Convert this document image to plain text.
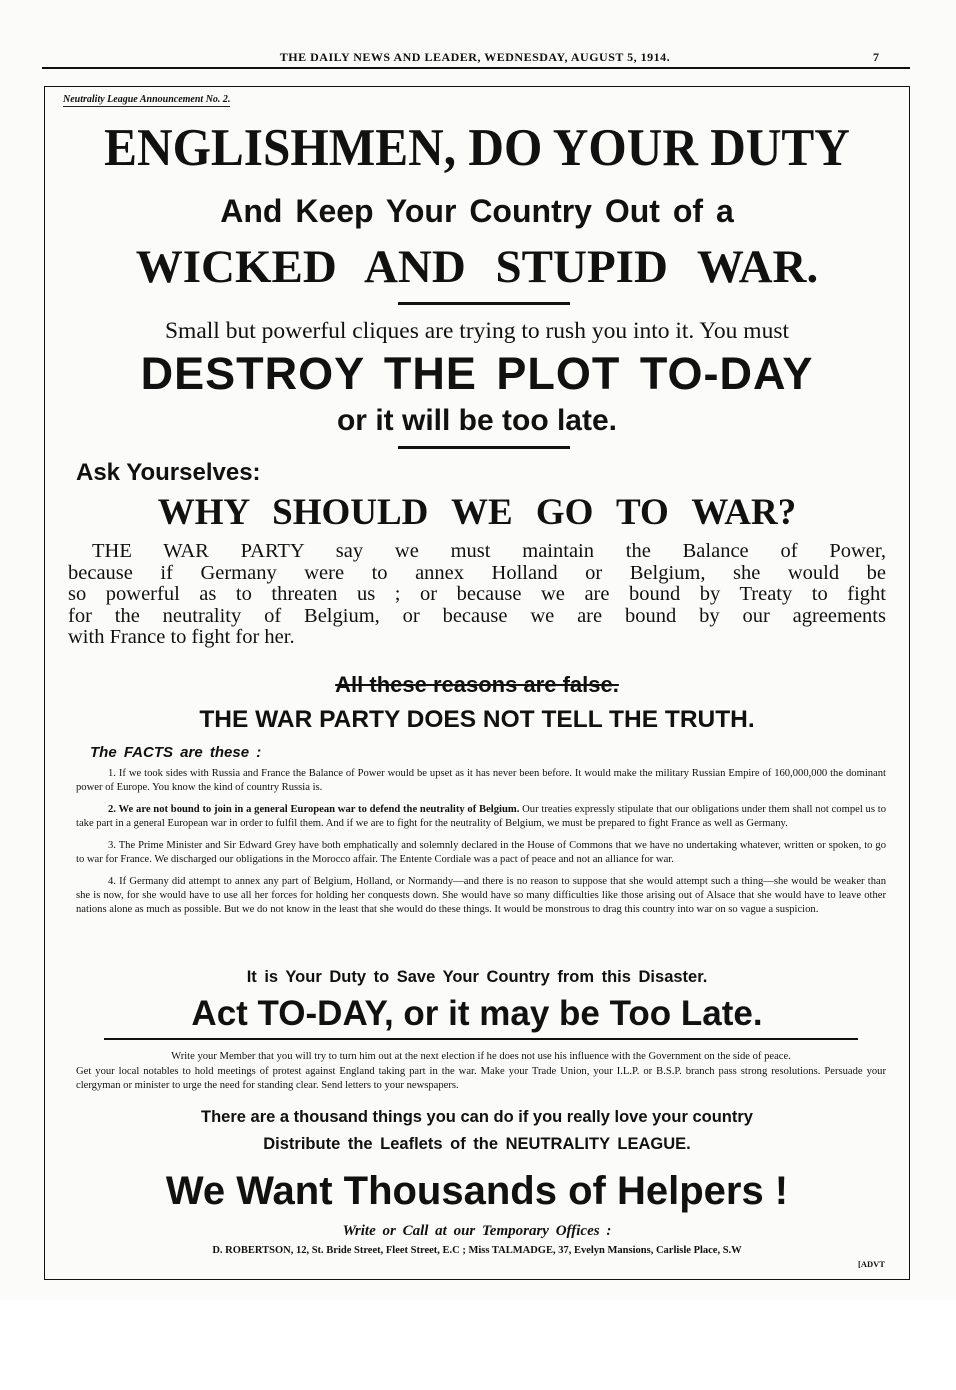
THE DAILY NEWS AND LEADER, WEDNESDAY, AUGUST 5, 1914.	7
Neutrality League Announcement No. 2.
ENGLISHMEN, DO YOUR DUTY
And Keep Your Country Out of a
WICKED AND STUPID WAR.
Small but powerful cliques are trying to rush you into it. You must
DESTROY THE PLOT TO-DAY
or it will be too late.
Ask Yourselves:
WHY SHOULD WE GO TO WAR?
THE WAR PARTY say we must maintain the Balance of Power,
because if Germany were to annex Holland or Belgium, she would be
so powerful as to threaten us ; or because we are bound by Treaty to fight
for the neutrality of Belgium, or because we are bound by our agreements
with France to fight for her.
All these reasons are false.
THE WAR PARTY DOES NOT TELL THE TRUTH.
The FACTS are these :

1. If we took sides with Russia and France the Balance of Power would be upset as it has never been before. It would make the military Russian Empire of 160,000,000 the dominant power of Europe. You know the kind of country Russia is.

2. We are not bound to join in a general European war to defend the neutrality of Belgium. Our treaties expressly stipulate that our obligations under them shall not compel us to take part in a general European war in order to fulfil them. And if we are to fight for the neutrality of Belgium, we must be prepared to fight France as well as Germany.

3. The Prime Minister and Sir Edward Grey have both emphatically and solemnly declared in the House of Commons that we have no undertaking whatever, written or spoken, to go to war for France. We discharged our obligations in the Morocco affair. The Entente Cordiale was a pact of peace and not an alliance for war.

4. If Germany did attempt to annex any part of Belgium, Holland, or Normandy—and there is no reason to suppose that she would attempt such a thing—she would be weaker than she is now, for she would have to use all her forces for holding her conquests down. She would have so many difficulties like those arising out of Alsace that she would have to leave other nations alone as much as possible. But we do not know in the least that she would do these things. It would be monstrous to drag this country into war on so vague a suspicion.

It is Your Duty to Save Your Country from this Disaster.
Act TO-DAY, or it may be Too Late.

Write your Member that you will try to turn him out at the next election if he does not use his influence with the Government on the side of peace.

Get your local notables to hold meetings of protest against England taking part in the war. Make your Trade Union, your I.L.P. or B.S.P. branch pass strong resolutions. Persuade your clergyman or minister to urge the need for standing clear. Send letters to your newspapers.

There are a thousand things you can do if you really love your country
Distribute the Leaflets of the NEUTRALITY LEAGUE.
We Want Thousands of Helpers !
Write or Call at our Temporary Offices :
D. ROBERTSON, 12, St. Bride Street, Fleet Street, E.C ; Miss TALMADGE, 37, Evelyn Mansions, Carlisle Place, S.W
[ADVT
